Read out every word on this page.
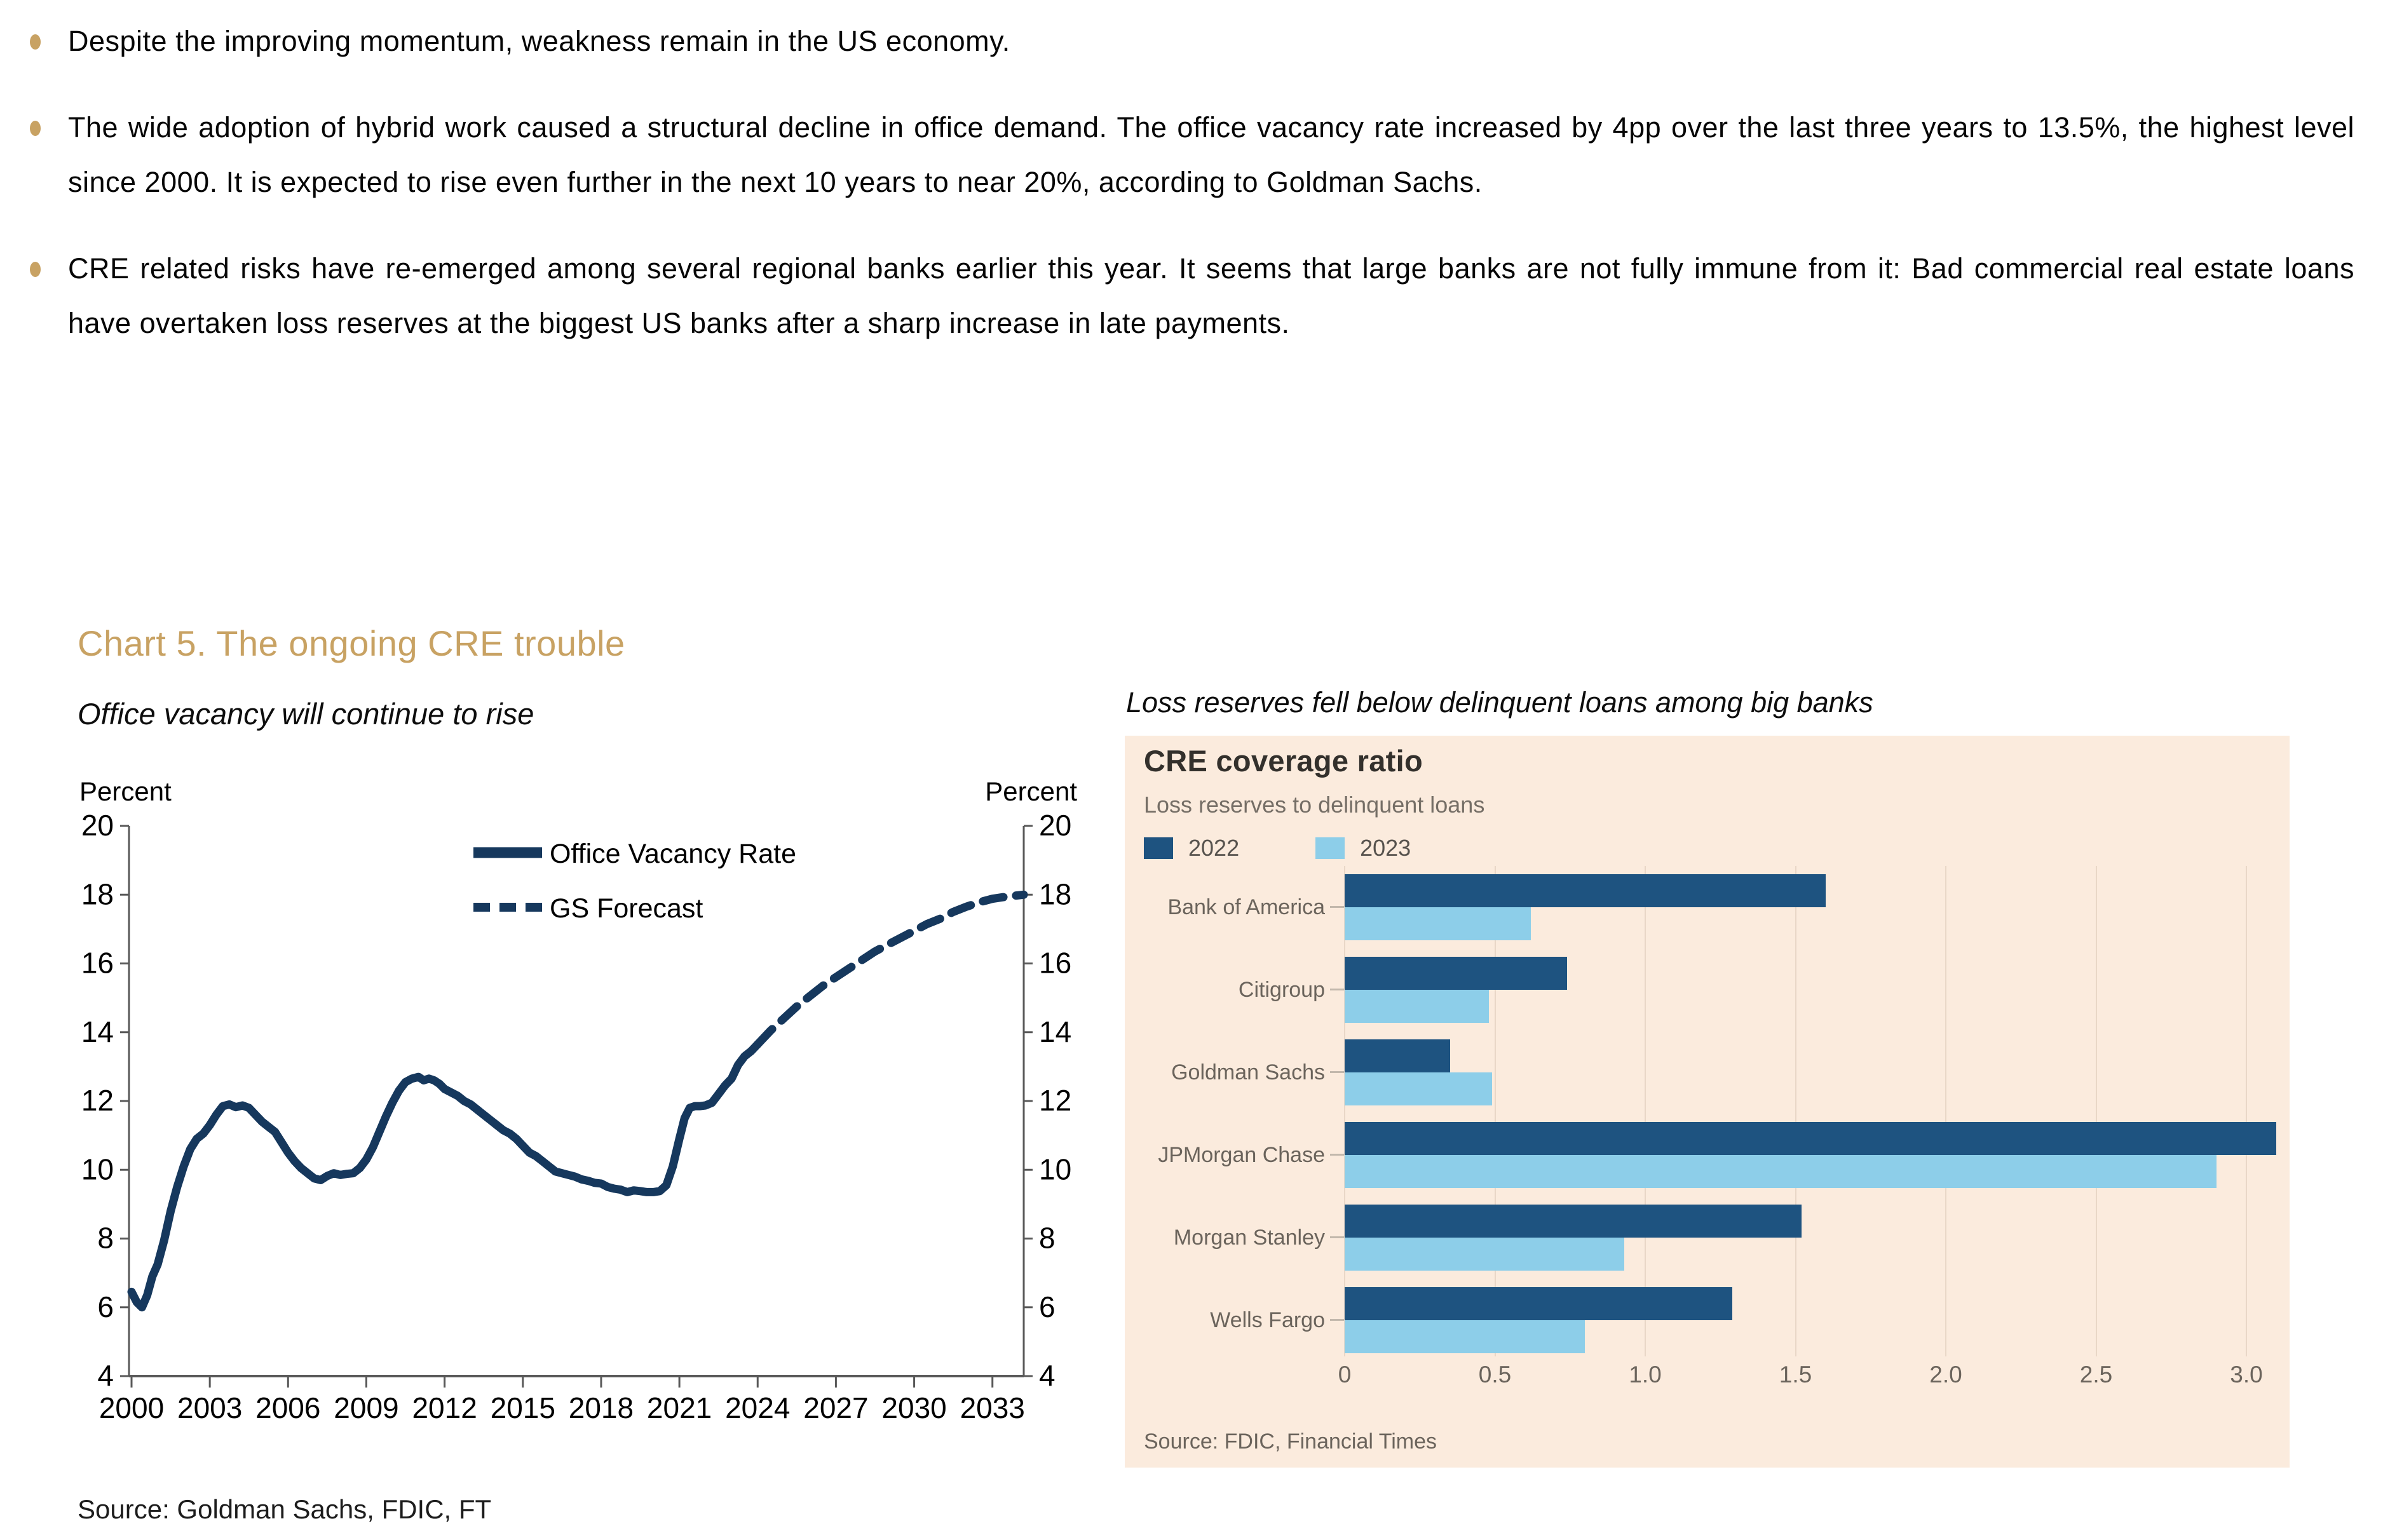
Despite the improving momentum, weakness remain in the US economy.
The wide adoption of hybrid work caused a structural decline in office demand. The office vacancy rate increased by 4pp over the last three years to 13.5%, the highest level since 2000. It is expected to rise even further in the next 10 years to near 20%, according to Goldman Sachs.
CRE related risks have re-emerged among several regional banks earlier this year. It seems that large banks are not fully immune from it: Bad commercial real estate loans have overtaken loss reserves at the biggest US banks after a sharp increase in late payments.
Chart 5. The ongoing CRE trouble
Office vacancy will continue to rise
4	4
6	6
8	8
10	10
12	12
14	14
16	16
18	18
20	20
2000 2003 2006 2009 2012 2015 2018 2021 2024 2027 2030 2033
Percent	Percent
Office Vacancy Rate
GS Forecast
Source: Goldman Sachs, FDIC, FT
Loss reserves fell below delinquent loans among big banks
Bank of America
Citigroup
Goldman Sachs
JPMorgan Chase
Morgan Stanley
Wells Fargo
0	0.5	1.0	1.5	2.0	2.5	3.0
CRE coverage ratio
Loss reserves to delinquent loans
2022	2023
Source: FDIC, Financial Times
